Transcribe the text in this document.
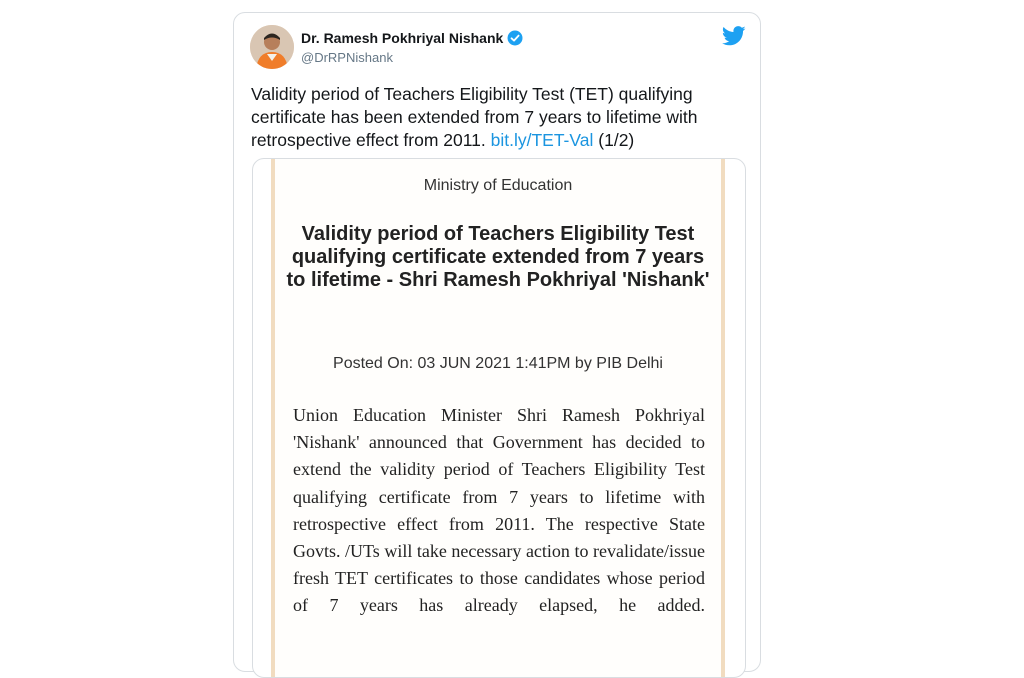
Dr. Ramesh Pokhriyal Nishank
@DrRPNishank
Validity period of Teachers Eligibility Test (TET) qualifying certificate has been extended from 7 years to lifetime with retrospective effect from 2011. bit.ly/TET-Val (1/2)
Ministry of Education
Validity period of Teachers Eligibility Test qualifying certificate extended from 7 years to lifetime - Shri Ramesh Pokhriyal 'Nishank'
Posted On: 03 JUN 2021 1:41PM by PIB Delhi
Union Education Minister Shri Ramesh Pokhriyal 'Nishank' announced that Government has decided to extend the validity period of Teachers Eligibility Test qualifying certificate from 7 years to lifetime with retrospective effect from 2011. The respective State Govts. /UTs will take necessary action to revalidate/issue fresh TET certificates to those candidates whose period of 7 years has already elapsed, he added.
